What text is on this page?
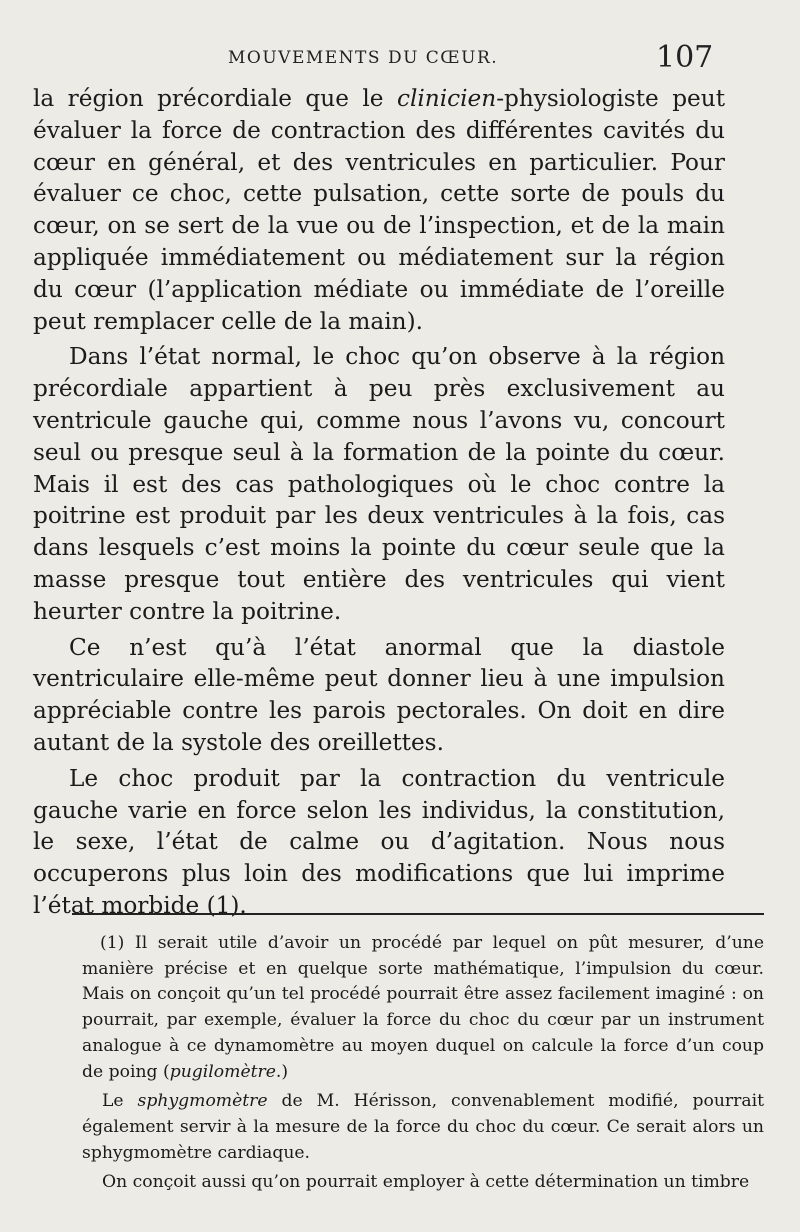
MOUVEMENTS DU CŒUR.	107

la région précordiale que le clinicien-physiologiste peut évaluer la force de contraction des différentes cavités du cœur en général, et des ventricules en particulier. Pour évaluer ce choc, cette pulsation, cette sorte de pouls du cœur, on se sert de la vue ou de l’inspection, et de la main appliquée immédiatement ou médiatement sur la région du cœur (l’application médiate ou immédiate de l’oreille peut remplacer celle de la main).

Dans l’état normal, le choc qu’on observe à la région précordiale appartient à peu près exclusivement au ventricule gauche qui, comme nous l’avons vu, concourt seul ou presque seul à la formation de la pointe du cœur. Mais il est des cas pathologiques où le choc contre la poitrine est produit par les deux ventricules à la fois, cas dans lesquels c’est moins la pointe du cœur seule que la masse presque tout entière des ventricules qui vient heurter contre la poitrine.

Ce n’est qu’à l’état anormal que la diastole ventriculaire elle-même peut donner lieu à une impulsion appréciable contre les parois pectorales. On doit en dire autant de la systole des oreillettes.

Le choc produit par la contraction du ventricule gauche varie en force selon les individus, la constitution, le sexe, l’état de calme ou d’agitation. Nous nous occuperons plus loin des modifications que lui imprime l’état morbide (1).

(1) Il serait utile d’avoir un procédé par lequel on pût mesurer, d’une manière précise et en quelque sorte mathématique, l’impulsion du cœur. Mais on conçoit qu’un tel procédé pourrait être assez facilement imaginé : on pourrait, par exemple, évaluer la force du choc du cœur par un instrument analogue à ce dynamomètre au moyen duquel on calcule la force d’un coup de poing (pugilomètre.)

Le sphygmomètre de M. Hérisson, convenablement modifié, pourrait également servir à la mesure de la force du choc du cœur. Ce serait alors un sphygmomètre cardiaque.

On conçoit aussi qu’on pourrait employer à cette détermination un timbre
